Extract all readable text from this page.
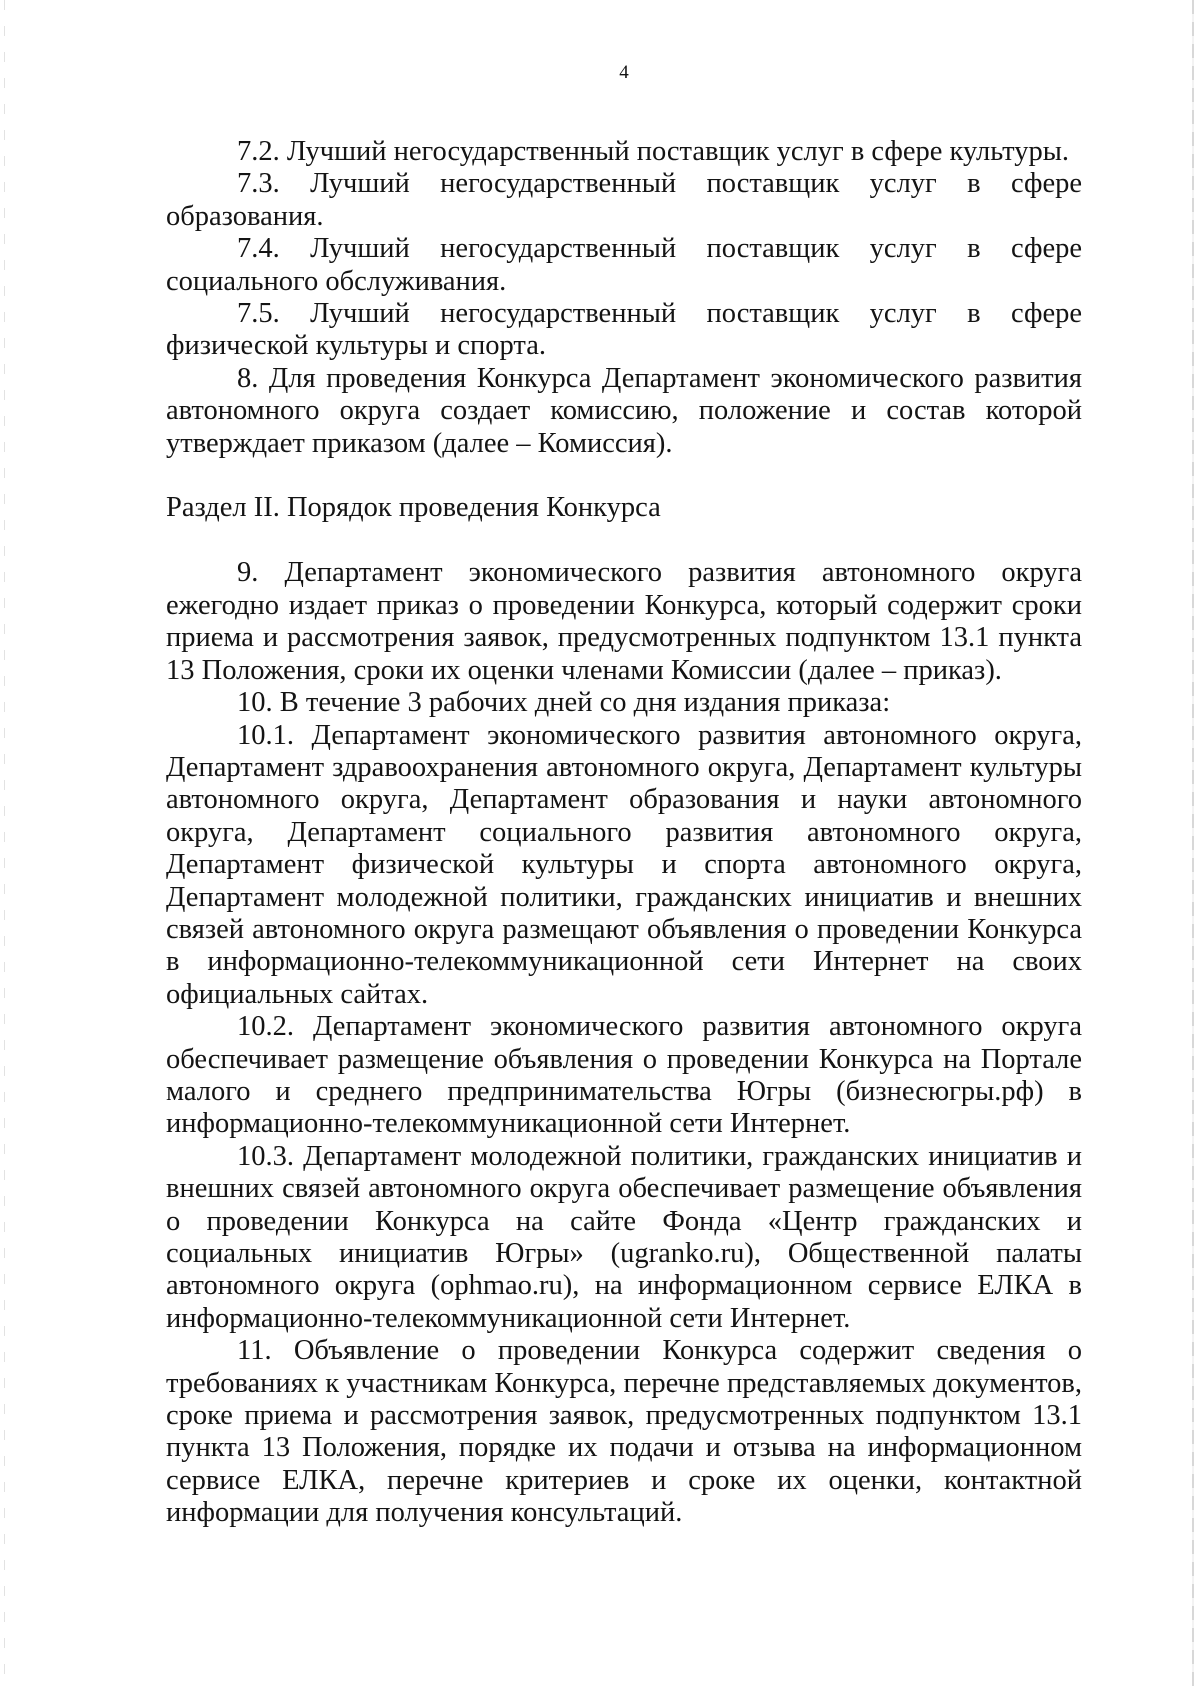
4

7.2. Лучший негосударственный поставщик услуг в сфере культуры.

7.3. Лучший негосударственный поставщик услуг в сфере образования.

7.4. Лучший негосударственный поставщик услуг в сфере социального обслуживания.

7.5. Лучший негосударственный поставщик услуг в сфере физической культуры и спорта.

8. Для проведения Конкурса Департамент экономического развития автономного округа создает комиссию, положение и состав которой утверждает приказом (далее – Комиссия).

Раздел II. Порядок проведения Конкурса

9. Департамент экономического развития автономного округа ежегодно издает приказ о проведении Конкурса, который содержит сроки приема и рассмотрения заявок, предусмотренных подпунктом 13.1 пункта 13 Положения, сроки их оценки членами Комиссии (далее – приказ).

10. В течение 3 рабочих дней со дня издания приказа:

10.1. Департамент экономического развития автономного округа, Департамент здравоохранения автономного округа, Департамент культуры автономного округа, Департамент образования и науки автономного округа, Департамент социального развития автономного округа, Департамент физической культуры и спорта автономного округа, Департамент молодежной политики, гражданских инициатив и внешних связей автономного округа размещают объявления о проведении Конкурса в информационно-телекоммуникационной сети Интернет на своих официальных сайтах.

10.2. Департамент экономического развития автономного округа обеспечивает размещение объявления о проведении Конкурса на Портале малого и среднего предпринимательства Югры (бизнесюгры.рф) в информационно-телекоммуникационной сети Интернет.

10.3. Департамент молодежной политики, гражданских инициатив и внешних связей автономного округа обеспечивает размещение объявления о проведении Конкурса на сайте Фонда «Центр гражданских и социальных инициатив Югры» (ugranko.ru), Общественной палаты автономного округа (ophmao.ru), на информационном сервисе ЕЛКА в информационно-телекоммуникационной сети Интернет.

11. Объявление о проведении Конкурса содержит сведения о требованиях к участникам Конкурса, перечне представляемых документов, сроке приема и рассмотрения заявок, предусмотренных подпунктом 13.1 пункта 13 Положения, порядке их подачи и отзыва на информационном сервисе ЕЛКА, перечне критериев и сроке их оценки, контактной информации для получения консультаций.
